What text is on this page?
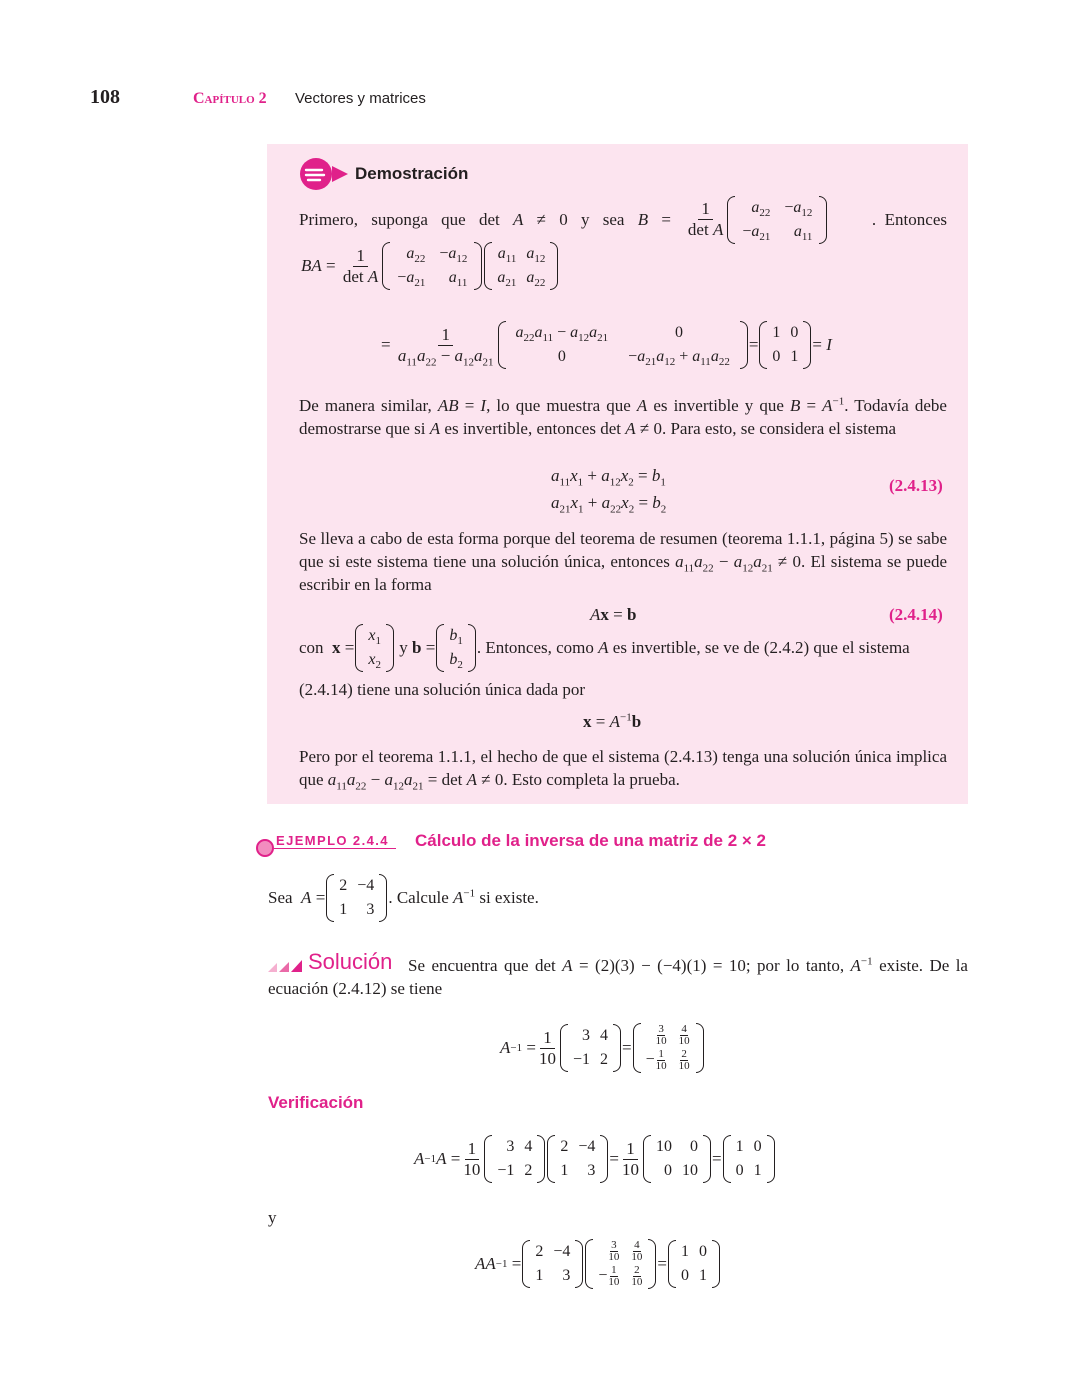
108	Capítulo 2 Vectores y matrices
Demostración
Primero, suponga que det A ≠ 0 y sea $B = \frac{1}{\text{det A}} a_{22}$	$-a_{12}$
$-a_{21}$	$a_{11}$
.  Entonces
BA = $\frac{1}{\text{det A}} a_{22}$	$-a_{12}$
$-a_{21}$	$a_{11}$
$a_{11}$	$a_{12}$
$a_{21}$	$a_{22}$
= $\frac{1}{a_{11}a_{22} - a_{12}a_{21}} a_{22}a_{11} - a_{12}a_{21}$	0
0	$-a_{21}a_{12} + a_{11}a_{22}$
=
1	0
0	1
= I
De manera similar, AB = I, lo que muestra que A es invertible y que $B = A^{-1}$. Todavía debe demostrarse que si A es invertible, entonces det A ≠ 0. Para esto, se considera el sistema
$a_{11}x_1 + a_{12}x_2 = b_1$
$a_{21}x_1 + a_{22}x_2 = b_2$
(2.4.13)
Se lleva a cabo de esta forma porque del teorema de resumen (teorema 1.1.1, página 5) se sabe que si este sistema tiene una solución única, entonces $a_{11}a_{22} - a_{12}a_{21} \ne 0$. El sistema se puede escribir en la forma
Ax = b	(2.4.14)
con  x =
$x_1$
$x_2$
y b =
$b_1$
$b_2$
. Entonces, como A es invertible, se ve de (2.4.2) que el sistema
(2.4.14) tiene una solución única dada por
$x = A^{-1}b$
Pero por el teorema 1.1.1, el hecho de que el sistema (2.4.13) tenga una solución única implica que $a_{11}a_{22} - a_{12}a_{21} = \det A \ne 0$. Esto completa la prueba.
EJEMPLO 2.4.4 Cálculo de la inversa de una matriz de 2 × 2
Sea A =
2	−4
1	3
. Calcule $A^{-1}$ si existe.
Solución Se encuentra que det A = (2)(3) − (−4)(1) = 10; por lo tanto, $A^{-1}$ existe. De la ecuación (2.4.12) se tiene
$A -1 = \frac{1}{10} 3$	4
−1	2
=
$\frac{3}{10}$	$\frac{4}{10}$

− $\frac{1}{10}$	$\frac{2}{10}$
Verificación
A −1 $A = \frac{1}{10} 3$	4
−1	2
2	−4
1	3
= $\frac{1}{10} 10$	0
0	10
=
1	0
0	1
y
AA −1 =
2	−4
1	3
$\frac{3}{10}$	$\frac{4}{10}$

− $\frac{1}{10}$	$\frac{2}{10}$
=
1	0
0	1
